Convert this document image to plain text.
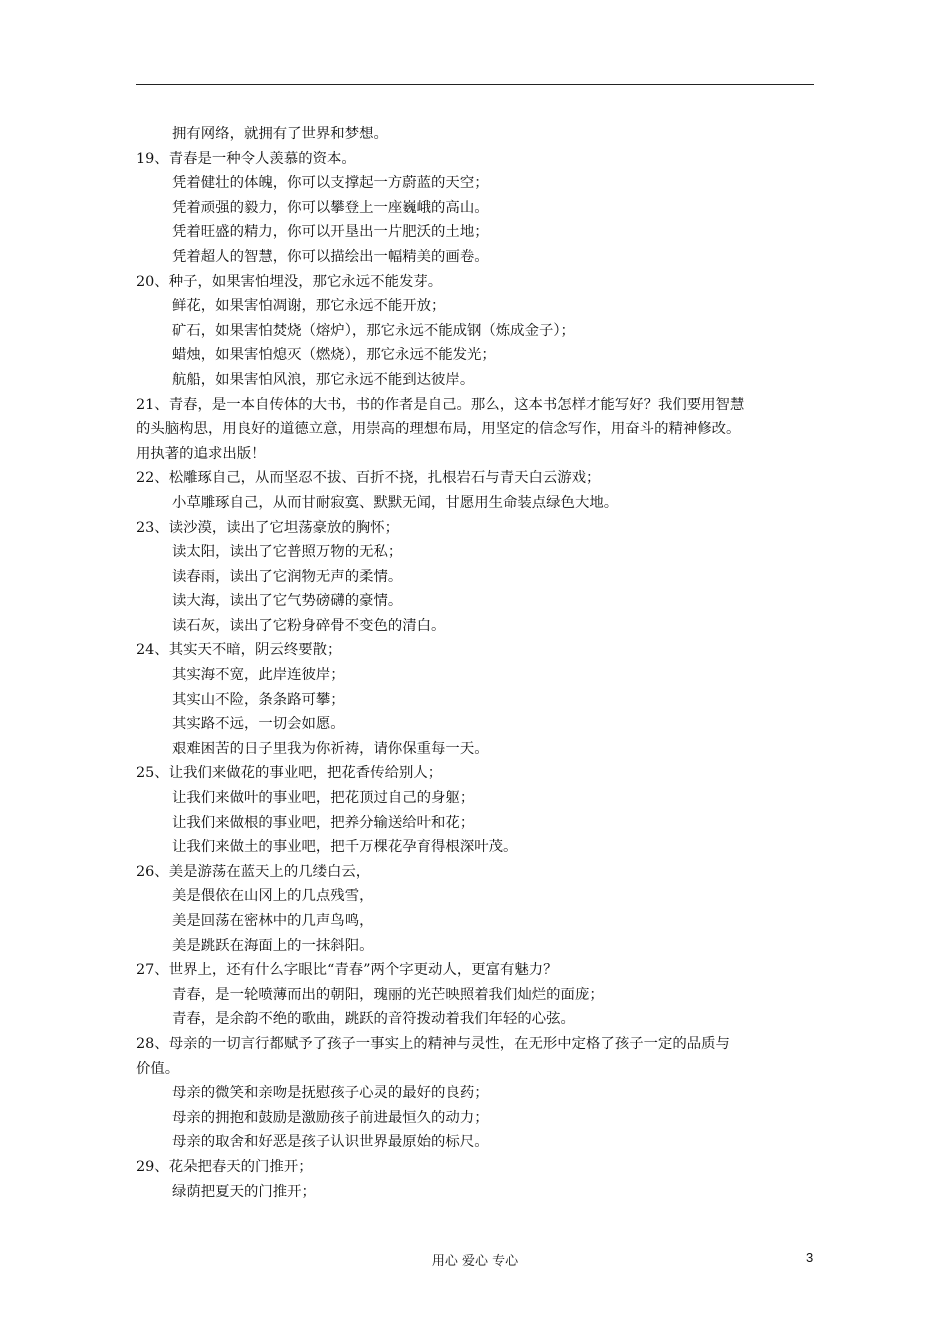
拥有网络，就拥有了世界和梦想。
19、青春是一种令人羡慕的资本。
凭着健壮的体魄，你可以支撑起一方蔚蓝的天空；
凭着顽强的毅力，你可以攀登上一座巍峨的高山。
凭着旺盛的精力，你可以开垦出一片肥沃的土地；
凭着超人的智慧，你可以描绘出一幅精美的画卷。
20、种子，如果害怕埋没，那它永远不能发芽。
鲜花，如果害怕凋谢，那它永远不能开放；
矿石，如果害怕焚烧（熔炉），那它永远不能成钢（炼成金子）；
蜡烛，如果害怕熄灭（燃烧），那它永远不能发光；
航船，如果害怕风浪，那它永远不能到达彼岸。
21、青春，是一本自传体的大书，书的作者是自己。那么，这本书怎样才能写好？我们要用智慧
的头脑构思，用良好的道德立意，用崇高的理想布局，用坚定的信念写作，用奋斗的精神修改。
用执著的追求出版！
22、松雕琢自己，从而坚忍不拔、百折不挠，扎根岩石与青天白云游戏；
小草雕琢自己，从而甘耐寂寞、默默无闻，甘愿用生命装点绿色大地。
23、读沙漠，读出了它坦荡豪放的胸怀；
读太阳，读出了它普照万物的无私；
读春雨，读出了它润物无声的柔情。
读大海，读出了它气势磅礴的豪情。
读石灰，读出了它粉身碎骨不变色的清白。
24、其实天不暗，阴云终要散；
其实海不宽，此岸连彼岸；
其实山不险，条条路可攀；
其实路不远，一切会如愿。
艰难困苦的日子里我为你祈祷，请你保重每一天。
25、让我们来做花的事业吧，把花香传给别人；
让我们来做叶的事业吧，把花顶过自己的身躯；
让我们来做根的事业吧，把养分输送给叶和花；
让我们来做土的事业吧，把千万棵花孕育得根深叶茂。
26、美是游荡在蓝天上的几缕白云，
美是偎依在山冈上的几点残雪，
美是回荡在密林中的几声鸟鸣，
美是跳跃在海面上的一抹斜阳。
27、世界上，还有什么字眼比“青春”两个字更动人，更富有魅力？
青春，是一轮喷薄而出的朝阳，瑰丽的光芒映照着我们灿烂的面庞；
青春，是余韵不绝的歌曲，跳跃的音符拨动着我们年轻的心弦。
28、母亲的一切言行都赋予了孩子一事实上的精神与灵性，在无形中定格了孩子一定的品质与
价值。
母亲的微笑和亲吻是抚慰孩子心灵的最好的良药；
母亲的拥抱和鼓励是激励孩子前进最恒久的动力；
母亲的取舍和好恶是孩子认识世界最原始的标尺。
29、花朵把春天的门推开；
绿荫把夏天的门推开；
用心 爱心 专心	3
